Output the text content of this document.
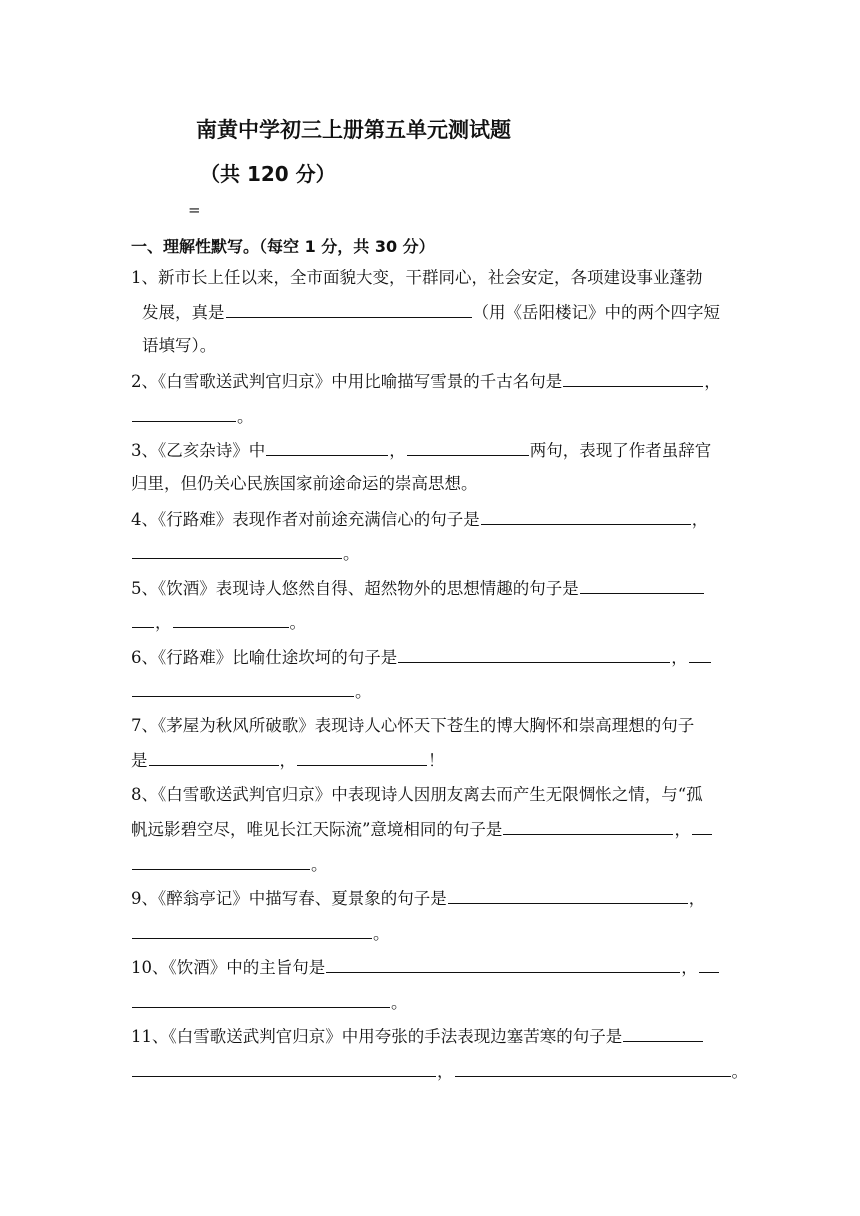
南黄中学初三上册第五单元测试题
（共 120 分）
=
一、理解性默写。（每空 1 分，共 30 分）
1、新市长上任以来，全市面貌大变，干群同心，社会安定，各项建设事业蓬勃
发展，真是	（用《岳阳楼记》中的两个四字短
语填写）。
2、《白雪歌送武判官归京》中用比喻描写雪景的千古名句是	，
。
3、《乙亥杂诗》中	，	两句，表现了作者虽辞官
归里，但仍关心民族国家前途命运的崇高思想。
4、《行路难》表现作者对前途充满信心的句子是	，
。
5、《饮酒》表现诗人悠然自得、超然物外的思想情趣的句子是
，	。
6、《行路难》比喻仕途坎坷的句子是	，
。
7、《茅屋为秋风所破歌》表现诗人心怀天下苍生的博大胸怀和崇高理想的句子
是	，	！
8、《白雪歌送武判官归京》中表现诗人因朋友离去而产生无限惆怅之情，与“孤
帆远影碧空尽，唯见长江天际流”意境相同的句子是	，
。
9、《醉翁亭记》中描写春、夏景象的句子是	，
。
10、《饮酒》中的主旨句是	，
。
11、《白雪歌送武判官归京》中用夸张的手法表现边塞苦寒的句子是
，	。
